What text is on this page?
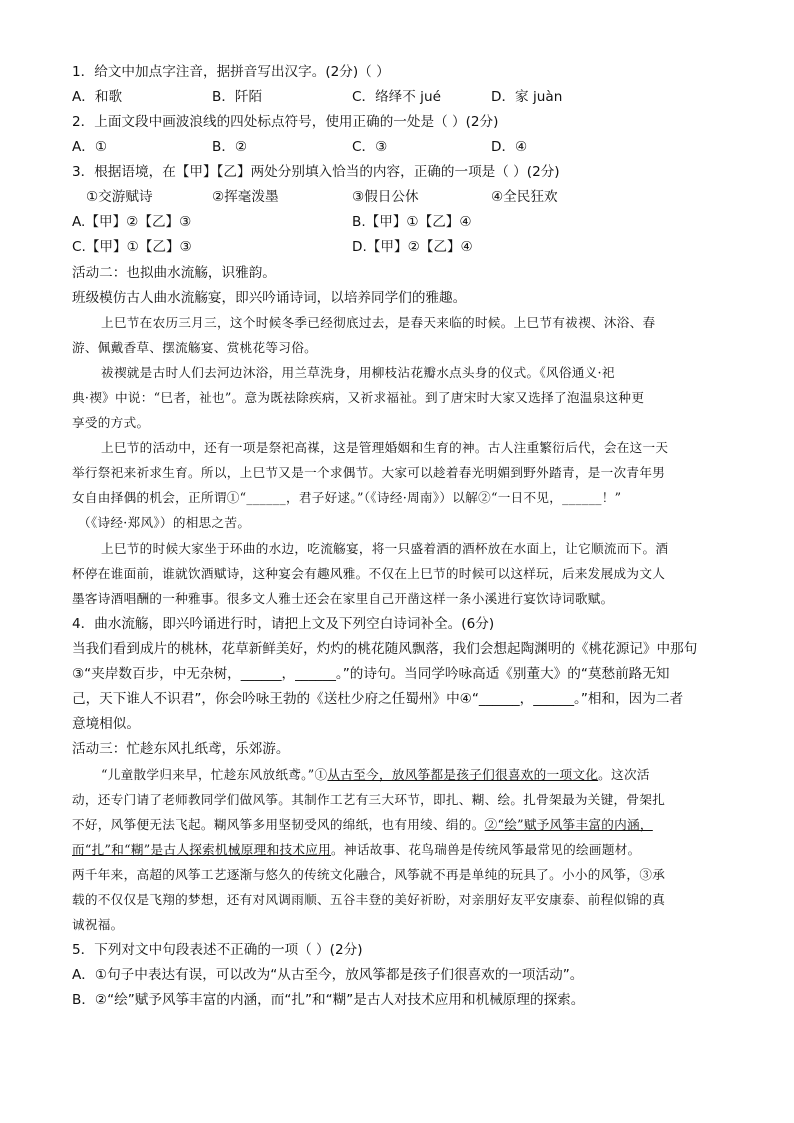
1．给文中加点字注音，据拼音写出汉字。(2分)（ ）
A．和歌	B．阡陌	C．络绎不 jué	D．家 juàn
2．上面文段中画波浪线的四处标点符号，使用正确的一处是（ ）(2分)
A．①	B．②	C．③	D．④
3．根据语境，在【甲】【乙】两处分别填入恰当的内容，正确的一项是（ ）(2分)
①交游赋诗	②挥毫泼墨	③假日公休	④全民狂欢
A.【甲】②【乙】③	B.【甲】①【乙】④
C.【甲】①【乙】③	D.【甲】②【乙】④
活动二：也拟曲水流觞，识雅韵。
班级模仿古人曲水流觞宴，即兴吟诵诗词，以培养同学们的雅趣。
上巳节在农历三月三，这个时候冬季已经彻底过去，是春天来临的时候。上巳节有祓禊、沐浴、春
游、佩戴香草、摆流觞宴、赏桃花等习俗。
祓禊就是古时人们去河边沐浴，用兰草洗身，用柳枝沾花瓣水点头身的仪式。《风俗通义·祀
典·禊》中说：“巳者，祉也”。意为既祛除疾病，又祈求福祉。到了唐宋时大家又选择了泡温泉这种更
享受的方式。
上巳节的活动中，还有一项是祭祀高禖，这是管理婚姻和生育的神。古人注重繁衍后代，会在这一天
举行祭祀来祈求生育。所以，上巳节又是一个求偶节。大家可以趁着春光明媚到野外踏青，是一次青年男
女自由择偶的机会，正所谓①“______，君子好逑。”（《诗经·周南》）以解②“一日不见，______！”
（《诗经·郑风》）的相思之苦。
上巳节的时候大家坐于环曲的水边，吃流觞宴，将一只盛着酒的酒杯放在水面上，让它顺流而下。酒
杯停在谁面前，谁就饮酒赋诗，这种宴会有趣风雅。不仅在上巳节的时候可以这样玩，后来发展成为文人
墨客诗酒唱酬的一种雅事。很多文人雅士还会在家里自己开凿这样一条小溪进行宴饮诗词歌赋。
4．曲水流觞，即兴吟诵进行时，请把上文及下列空白诗词补全。(6分)
当我们看到成片的桃林，花草新鲜美好，灼灼的桃花随风飘落，我们会想起陶渊明的《桃花源记》中那句
③“夹岸数百步，中无杂树，______，______。”的诗句。当同学吟咏高适《别董大》的“莫愁前路无知
己，天下谁人不识君”，你会吟咏王勃的《送杜少府之任蜀州》中④“______，______。”相和，因为二者
意境相似。
活动三：忙趁东风扎纸鸢，乐郊游。
“儿童散学归来早，忙趁东风放纸鸢。”①从古至今，放风筝都是孩子们很喜欢的一项文化。这次活
动，还专门请了老师教同学们做风筝。其制作工艺有三大环节，即扎、糊、绘。扎骨架最为关键，骨架扎
不好，风筝便无法飞起。糊风筝多用坚韧受风的绵纸，也有用绫、绢的。②“绘”赋予风筝丰富的内涵，
而“扎”和“糊”是古人探索机械原理和技术应用。神话故事、花鸟瑞兽是传统风筝最常见的绘画题材。
两千年来，高超的风筝工艺逐渐与悠久的传统文化融合，风筝就不再是单纯的玩具了。小小的风筝，③承
载的不仅仅是飞翔的梦想，还有对风调雨顺、五谷丰登的美好祈盼，对亲朋好友平安康泰、前程似锦的真
诚祝福。
5．下列对文中句段表述不正确的一项（ ）(2分)
A．①句子中表达有误，可以改为“从古至今，放风筝都是孩子们很喜欢的一项活动”。
B．②“绘”赋予风筝丰富的内涵，而“扎”和“糊”是古人对技术应用和机械原理的探索。
